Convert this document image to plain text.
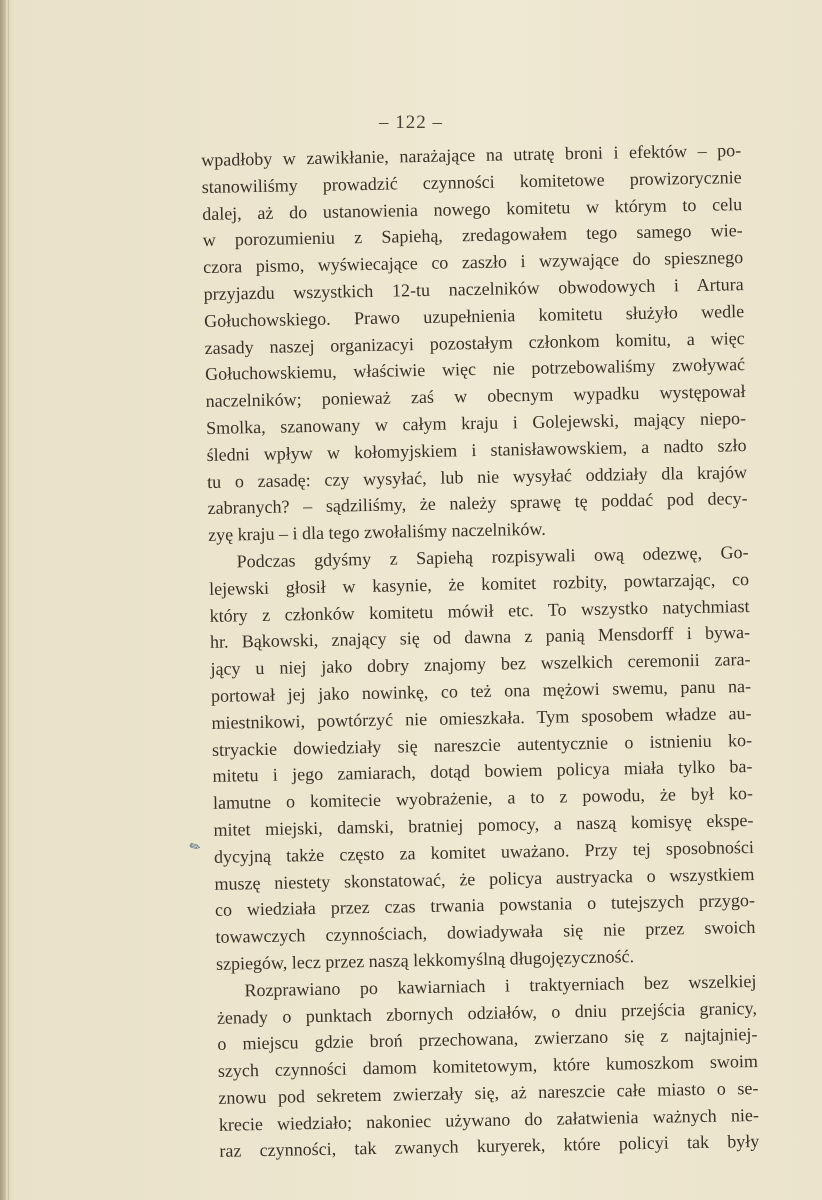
– 122 –

wpadłoby w zawikłanie, narażające na utratę broni i efektów – po-
stanowiliśmy prowadzić czynności komitetowe prowizorycznie
dalej, aż do ustanowienia nowego komitetu w którym to celu
w porozumieniu z Sapiehą, zredagowałem tego samego wie-
czora pismo, wyświecające co zaszło i wzywające do spiesznego
przyjazdu wszystkich 12-tu naczelników obwodowych i Artura
Gołuchowskiego. Prawo uzupełnienia komitetu służyło wedle
zasady naszej organizacyi pozostałym członkom komitu, a więc
Gołuchowskiemu, właściwie więc nie potrzebowaliśmy zwoływać
naczelników; ponieważ zaś w obecnym wypadku występował
Smolka, szanowany w całym kraju i Golejewski, mający niepo-
śledni wpływ w kołomyjskiem i stanisławowskiem, a nadto szło
tu o zasadę: czy wysyłać, lub nie wysyłać oddziały dla krajów
zabranych? – sądziliśmy, że należy sprawę tę poddać pod decy-
zyę kraju – i dla tego zwołaliśmy naczelników.
Podczas gdyśmy z Sapiehą rozpisywali ową odezwę, Go-
lejewski głosił w kasynie, że komitet rozbity, powtarzając, co
który z członków komitetu mówił etc. To wszystko natychmiast
hr. Bąkowski, znający się od dawna z panią Mensdorff i bywa-
jący u niej jako dobry znajomy bez wszelkich ceremonii zara-
portował jej jako nowinkę, co też ona mężowi swemu, panu na-
miestnikowi, powtórzyć nie omieszkała. Tym sposobem władze au-
stryackie dowiedziały się nareszcie autentycznie o istnieniu ko-
mitetu i jego zamiarach, dotąd bowiem policya miała tylko ba-
lamutne o komitecie wyobrażenie, a to z powodu, że był ko-
mitet miejski, damski, bratniej pomocy, a naszą komisyę ekspe-
dycyjną także często za komitet uważano. Przy tej sposobności
muszę niestety skonstatować, że policya austryacka o wszystkiem
co wiedziała przez czas trwania powstania o tutejszych przygo-
towawczych czynnościach, dowiadywała się nie przez swoich
szpiegów, lecz przez naszą lekkomyślną długojęzyczność.
Rozprawiano po kawiarniach i traktyerniach bez wszelkiej
żenady o punktach zbornych odziałów, o dniu przejścia granicy,
o miejscu gdzie broń przechowana, zwierzano się z najtajniej-
szych czynności damom komitetowym, które kumoszkom swoim
znowu pod sekretem zwierzały się, aż nareszcie całe miasto o se-
krecie wiedziało; nakoniec używano do załatwienia ważnych nie-
raz czynności, tak zwanych kuryerek, które policyi tak były
✎
